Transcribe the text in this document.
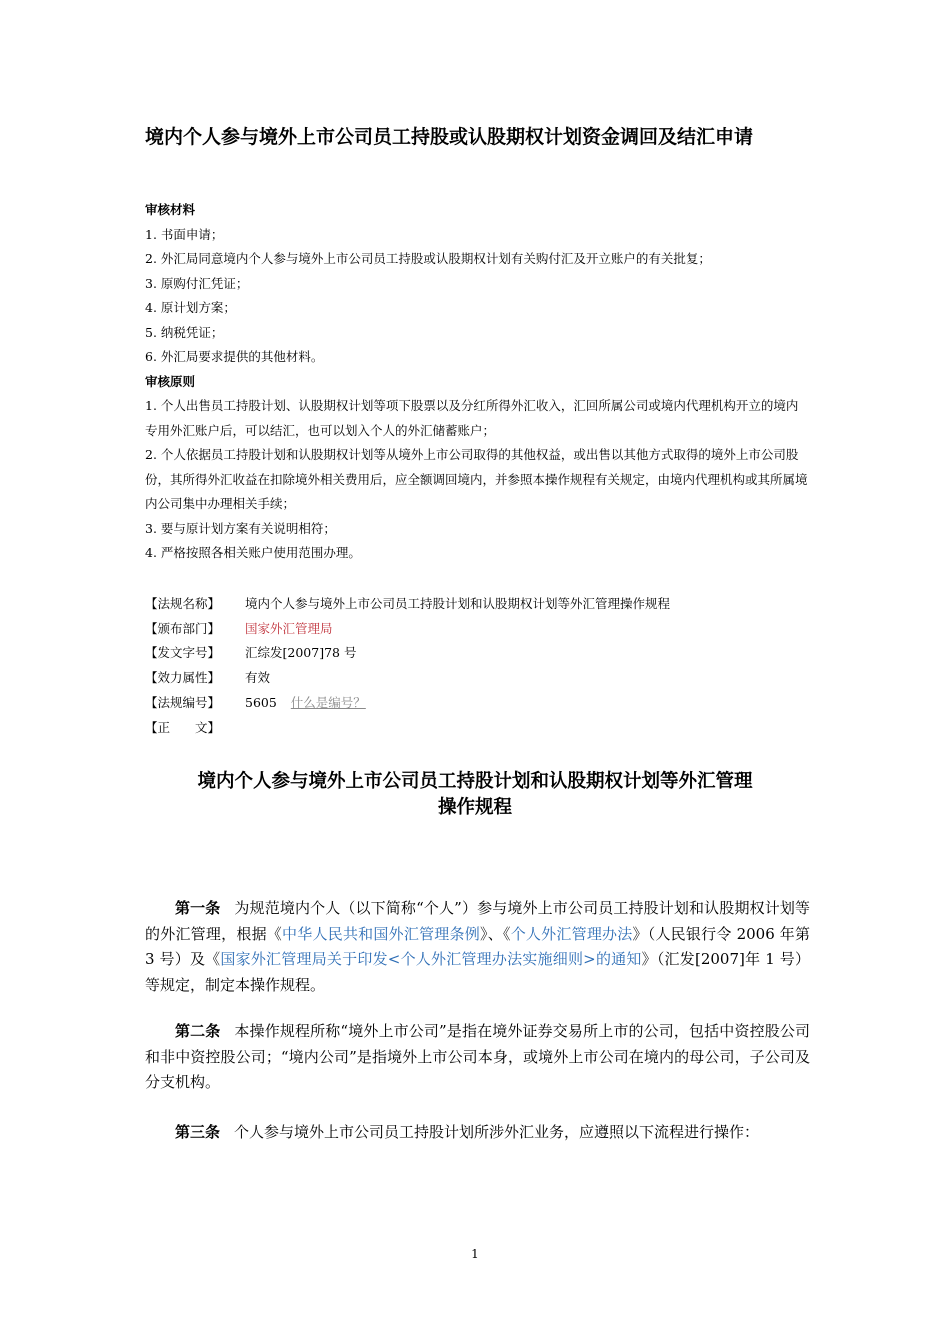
境内个人参与境外上市公司员工持股或认股期权计划资金调回及结汇申请
审核材料
1. 书面申请；
2. 外汇局同意境内个人参与境外上市公司员工持股或认股期权计划有关购付汇及开立账户的有关批复；
3. 原购付汇凭证；
4. 原计划方案；
5. 纳税凭证；
6. 外汇局要求提供的其他材料。
审核原则
1. 个人出售员工持股计划、认股期权计划等项下股票以及分红所得外汇收入，汇回所属公司或境内代理机构开立的境内专用外汇账户后，可以结汇，也可以划入个人的外汇储蓄账户；
2. 个人依据员工持股计划和认股期权计划等从境外上市公司取得的其他权益，或出售以其他方式取得的境外上市公司股份，其所得外汇收益在扣除境外相关费用后，应全额调回境内，并参照本操作规程有关规定，由境内代理机构或其所属境内公司集中办理相关手续；
3. 要与原计划方案有关说明相符；
4. 严格按照各相关账户使用范围办理。
【法规名称】	境内个人参与境外上市公司员工持股计划和认股期权计划等外汇管理操作规程
【颁布部门】	国家外汇管理局
【发文字号】	汇综发[2007]78 号
【效力属性】	有效
【法规编号】	5605 什么是编号？
【正　　文】
境内个人参与境外上市公司员工持股计划和认股期权计划等外汇管理
操作规程
第一条 为规范境内个人（以下简称“个人”）参与境外上市公司员工持股计划和认股期权计划等的外汇管理，根据《中华人民共和国外汇管理条例》、《个人外汇管理办法》（人民银行令 2006 年第 3 号）及《国家外汇管理局关于印发<个人外汇管理办法实施细则>的通知》（汇发[2007]年 1 号）等规定，制定本操作规程。
第二条 本操作规程所称“境外上市公司”是指在境外证券交易所上市的公司，包括中资控股公司和非中资控股公司；“境内公司”是指境外上市公司本身，或境外上市公司在境内的母公司，子公司及分支机构。
第三条 个人参与境外上市公司员工持股计划所涉外汇业务，应遵照以下流程进行操作：
1
